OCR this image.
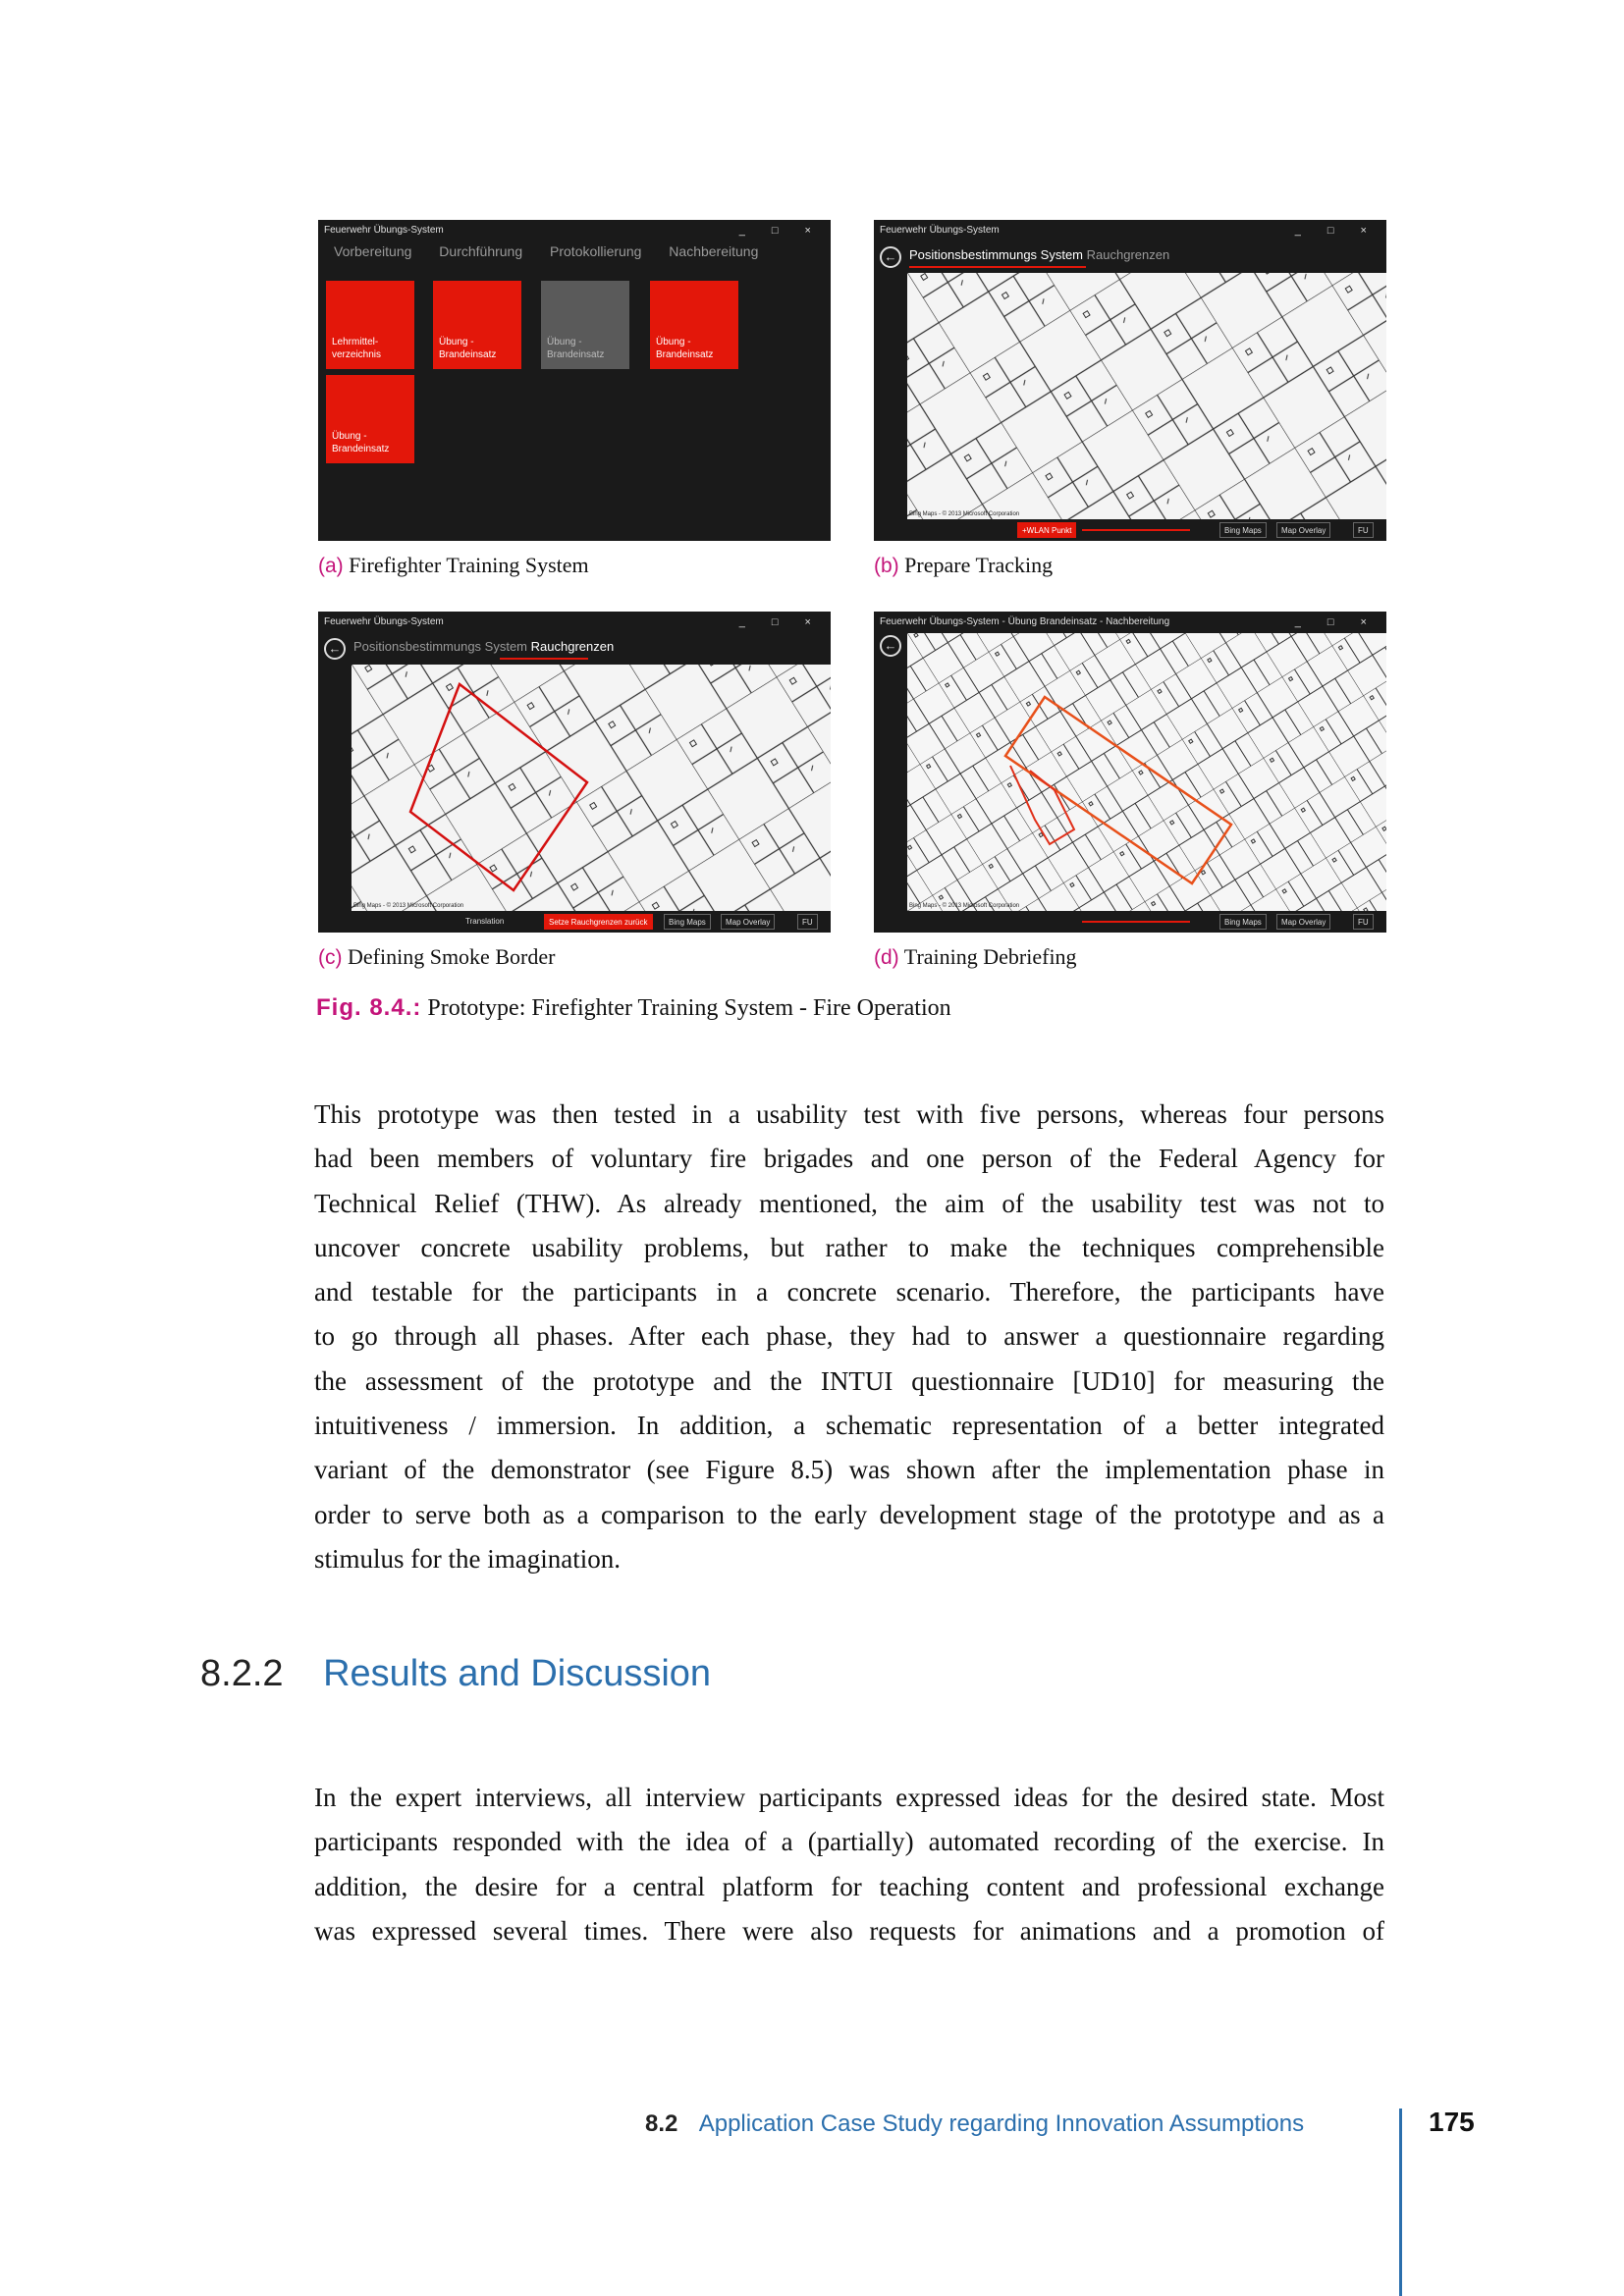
Feuerwehr Übungs-System	_ □ ×
Vorbereitung Durchführung Protokollierung Nachbereitung
Lehrmittel-
verzeichnis
Übung -
Brandeinsatz
Übung -
Brandeinsatz
Übung -
Brandeinsatz
Übung -
Brandeinsatz
Feuerwehr Übungs-System	_ □ ×
← Positionsbestimmungs System Rauchgrenzen
Bing Maps - © 2013 Microsoft Corporation
+WLAN Punkt	Bing Maps	Map Overlay	FU
Feuerwehr Übungs-System	_ □ ×
← Positionsbestimmungs System Rauchgrenzen
Bing Maps - © 2013 Microsoft Corporation
Translation	Setze Rauchgrenzen zurück	Bing Maps	Map Overlay	FU
Feuerwehr Übungs-System - Übung Brandeinsatz - Nachbereitung	_ □ ×
←
Bing Maps - © 2013 Microsoft Corporation
Bing Maps	Map Overlay	FU
(a) Firefighter Training System	(b) Prepare Tracking
(c) Defining Smoke Border	(d) Training Debriefing
Fig. 8.4.: Prototype: Firefighter Training System - Fire Operation

This prototype was then tested in a usability test with five persons, whereas four persons
had been members of voluntary fire brigades and one person of the Federal Agency for
Technical Relief (THW). As already mentioned, the aim of the usability test was not to
uncover concrete usability problems, but rather to make the techniques comprehensible
and testable for the participants in a concrete scenario. Therefore, the participants have
to go through all phases. After each phase, they had to answer a questionnaire regarding
the assessment of the prototype and the INTUI questionnaire [UD10] for measuring the
intuitiveness / immersion. In addition, a schematic representation of a better integrated
variant of the demonstrator (see Figure 8.5) was shown after the implementation phase in
order to serve both as a comparison to the early development stage of the prototype and as a
stimulus for the imagination.

8.2.2 Results and Discussion

In the expert interviews, all interview participants expressed ideas for the desired state. Most
participants responded with the idea of a (partially) automated recording of the exercise. In
addition, the desire for a central platform for teaching content and professional exchange
was expressed several times. There were also requests for animations and a promotion of

8.2 Application Case Study regarding Innovation Assumptions	175
